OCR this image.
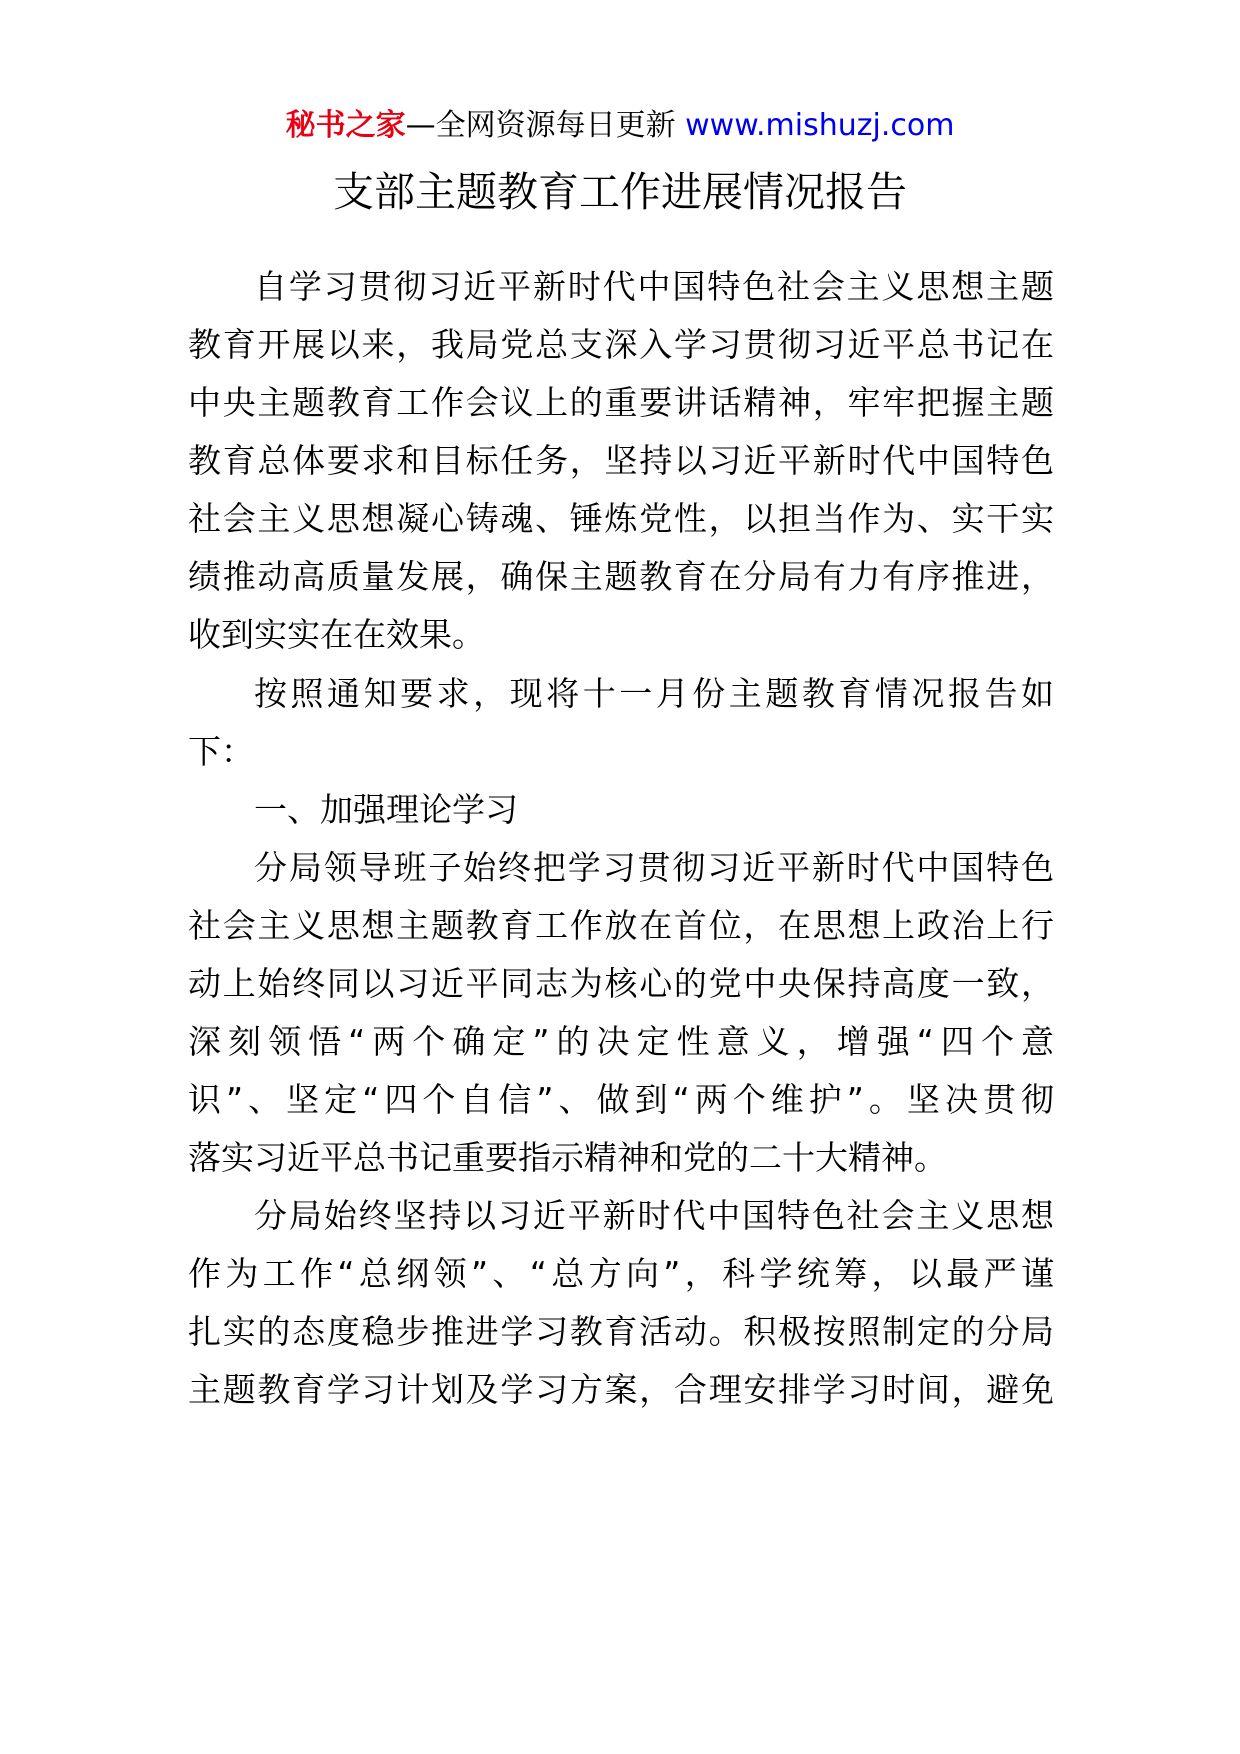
秘书之家—全网资源每日更新 www.mishuzj.com
支部主题教育工作进展情况报告

自学习贯彻习近平新时代中国特色社会主义思想主题

教育开展以来，我局党总支深入学习贯彻习近平总书记在

中央主题教育工作会议上的重要讲话精神，牢牢把握主题

教育总体要求和目标任务，坚持以习近平新时代中国特色

社会主义思想凝心铸魂、锤炼党性，以担当作为、实干实

绩推动高质量发展，确保主题教育在分局有力有序推进，

收到实实在在效果。

按照通知要求，现将十一月份主题教育情况报告如

下：

一、加强理论学习

分局领导班子始终把学习贯彻习近平新时代中国特色

社会主义思想主题教育工作放在首位，在思想上政治上行

动上始终同以习近平同志为核心的党中央保持高度一致，

深刻领悟“两个确定”的决定性意义，增强“四个意

识”、坚定“四个自信”、做到“两个维护”。坚决贯彻

落实习近平总书记重要指示精神和党的二十大精神。

分局始终坚持以习近平新时代中国特色社会主义思想

作为工作“总纲领”、“总方向”，科学统筹，以最严谨

扎实的态度稳步推进学习教育活动。积极按照制定的分局

主题教育学习计划及学习方案，合理安排学习时间，避免
